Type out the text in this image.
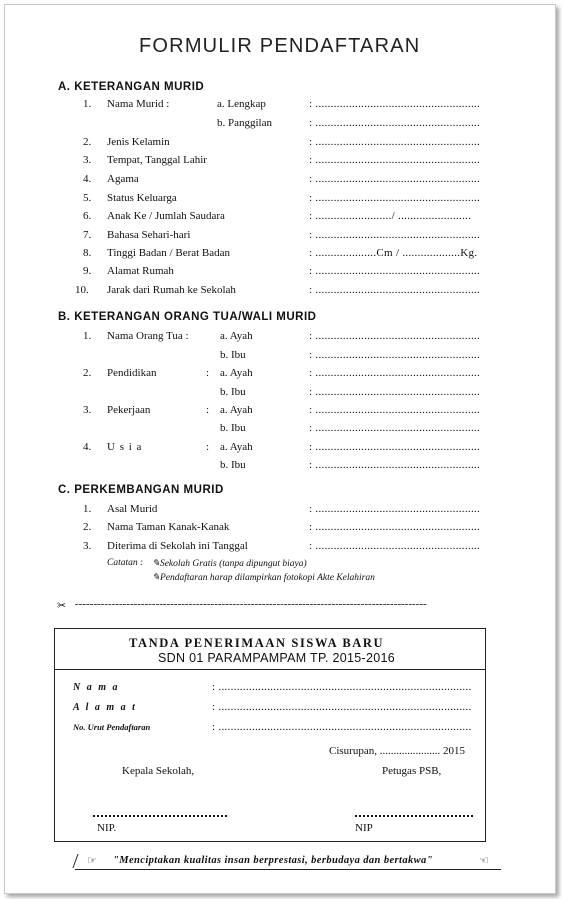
FORMULIR PENDAFTARAN
A. KETERANGAN MURID
1. Nama Murid :	a. Lengkap	: ......................................................
b. Panggilan	: ......................................................
2. Jenis Kelamin	: ......................................................
3. Tempat, Tanggal Lahir	: ......................................................
4. Agama	: ......................................................
5. Status Keluarga	: ......................................................
6. Anak Ke / Jumlah Saudara	: ........................./ ........................
7. Bahasa Sehari-hari	: ......................................................
8. Tinggi Badan / Berat Badan	: ....................Cm / ...................Kg.
9. Alamat Rumah	: ......................................................
10. Jarak dari Rumah ke Sekolah	: ......................................................
B. KETERANGAN ORANG TUA/WALI MURID
1. Nama Orang Tua :	a. Ayah	: ......................................................
b. Ibu	: ......................................................
2. Pendidikan	: a. Ayah	: ......................................................
b. Ibu	: ......................................................
3. Pekerjaan	: a. Ayah	: ......................................................
b. Ibu	: ......................................................
4. U s i a	: a. Ayah	: ......................................................
b. Ibu	: ......................................................
C. PERKEMBANGAN MURID
1. Asal Murid	: ......................................................
2. Nama Taman Kanak-Kanak	: ......................................................
3. Diterima di Sekolah ini Tanggal	: ......................................................
Catatan : ✎Sekolah Gratis (tanpa dipungut biaya)
✎Pendaftaran harap dilampirkan fotokopi Akte Kelahiran
✂ ------------------------------------------------------------------------------------------------
TANDA PENERIMAAN SISWA BARU
SDN 01 PARAMPAMPAM TP. 2015-2016
N a m a	: ...................................................................................
A l a m a t	: ...................................................................................
No. Urut Pendaftaran	: ...................................................................................
Cisurupan, ...................... 2015
Kepala Sekolah,	Petugas PSB,
NIP.	NIP
☞ "Menciptakan kualitas insan berprestasi, berbudaya dan bertakwa"	☜
